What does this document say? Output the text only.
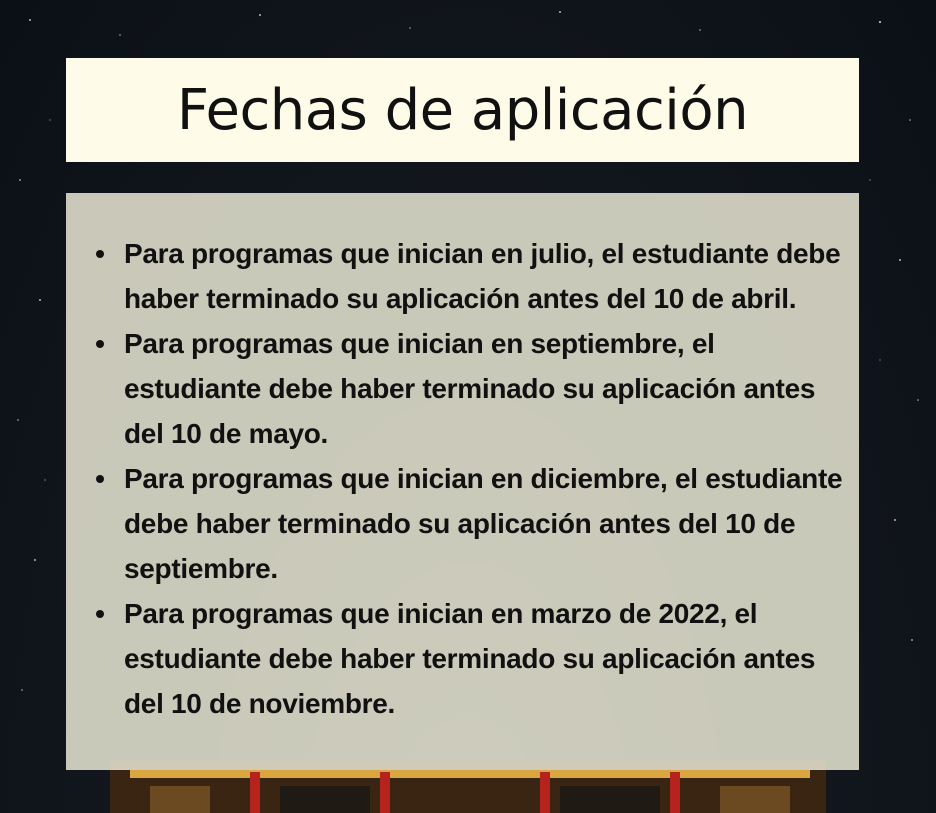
Fechas de aplicación
Para programas que inician en julio, el estudiante debe haber terminado su aplicación antes del 10 de abril.
Para programas que inician en septiembre, el estudiante debe haber terminado su aplicación antes del 10 de mayo.
Para programas que inician en diciembre, el estudiante debe haber terminado su aplicación antes del 10 de septiembre.
Para programas que inician en marzo de 2022, el estudiante debe haber terminado su aplicación antes del 10 de noviembre.
